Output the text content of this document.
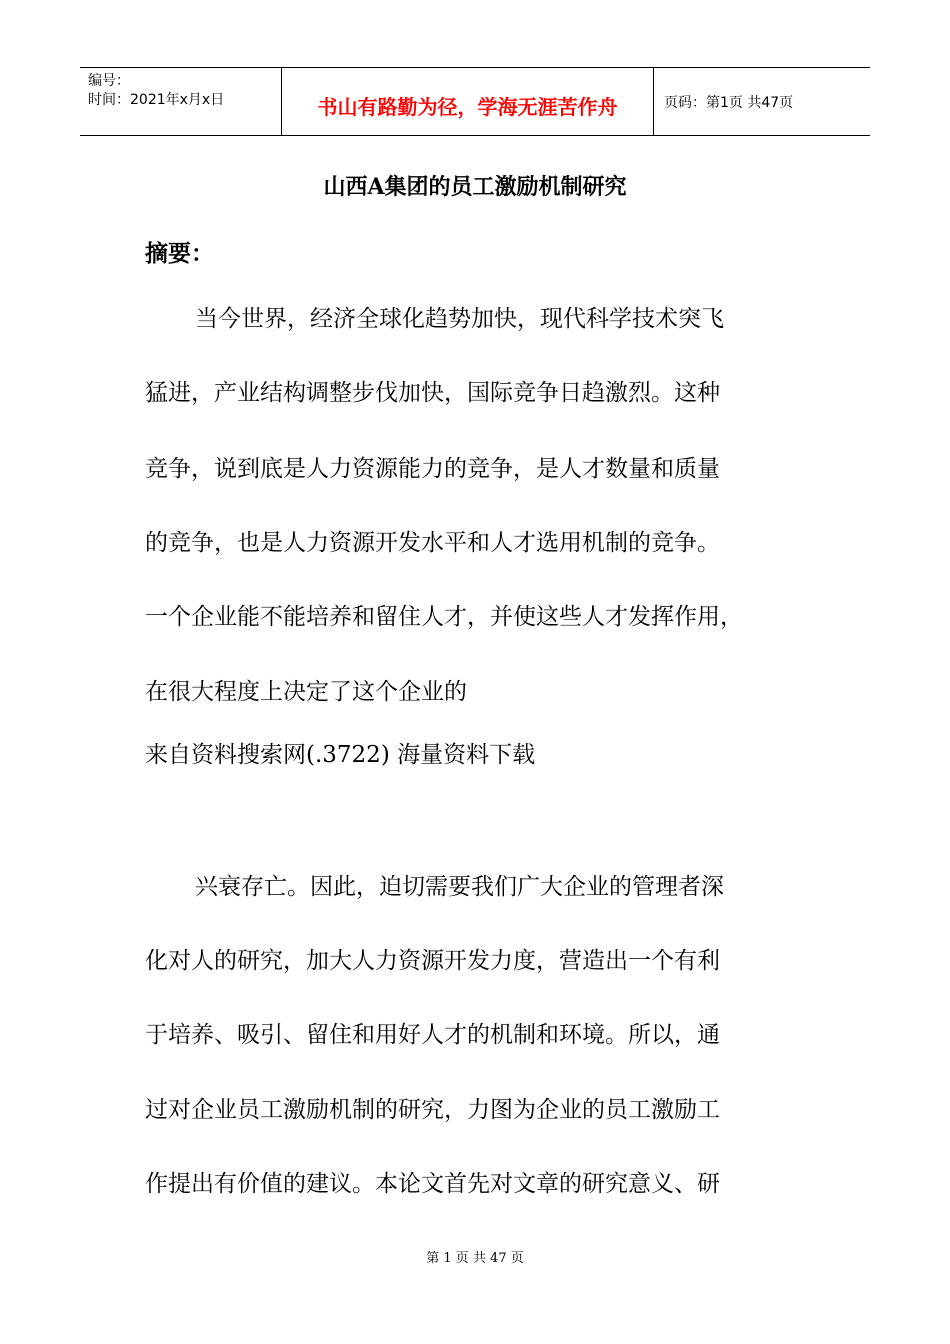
编号：
时间：2021年x月x日	书山有路勤为径，学海无涯苦作舟	页码：第1页 共47页
山西A集团的员工激励机制研究
摘要：
当今世界，经济全球化趋势加快，现代科学技术突飞
猛进，产业结构调整步伐加快，国际竞争日趋激烈。这种
竞争，说到底是人力资源能力的竞争，是人才数量和质量
的竞争，也是人力资源开发水平和人才选用机制的竞争。
一个企业能不能培养和留住人才，并使这些人才发挥作用，
在很大程度上决定了这个企业的
来自资料搜索网(.3722) 海量资料下载
兴衰存亡。因此，迫切需要我们广大企业的管理者深
化对人的研究，加大人力资源开发力度，营造出一个有利
于培养、吸引、留住和用好人才的机制和环境。所以，通
过对企业员工激励机制的研究，力图为企业的员工激励工
作提出有价值的建议。本论文首先对文章的研究意义、研
第 1 页 共 47 页
